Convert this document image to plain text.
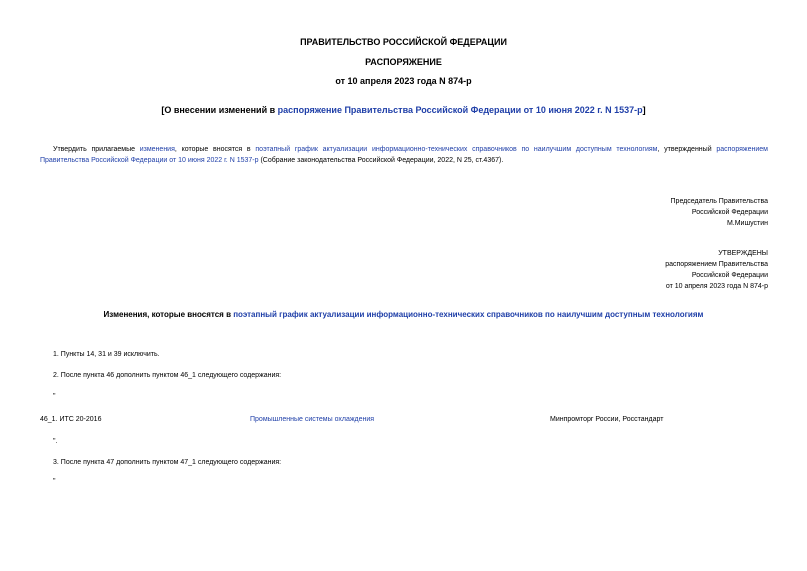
ПРАВИТЕЛЬСТВО РОССИЙСКОЙ ФЕДЕРАЦИИ
РАСПОРЯЖЕНИЕ
от 10 апреля 2023 года N 874-р
[О внесении изменений в распоряжение Правительства Российской Федерации от 10 июня 2022 г. N 1537-р]
Утвердить прилагаемые изменения, которые вносятся в поэтапный график актуализации информационно-технических справочников по наилучшим доступным технологиям, утвержденный распоряжением Правительства Российской Федерации от 10 июня 2022 г. N 1537-р (Собрание законодательства Российской Федерации, 2022, N 25, ст.4367).
Председатель Правительства
Российской Федерации
М.Мишустин
УТВЕРЖДЕНЫ
распоряжением Правительства
Российской Федерации
от 10 апреля 2023 года N 874-р
Изменения, которые вносятся в поэтапный график актуализации информационно-технических справочников по наилучшим доступным технологиям
1. Пункты 14, 31 и 39 исключить.
2. После пункта 46 дополнить пунктом 46_1 следующего содержания:
"
46_1. ИТС 20-2016	Промышленные системы охлаждения	Минпромторг России, Росстандарт
".
3. После пункта 47 дополнить пунктом 47_1 следующего содержания:
"
